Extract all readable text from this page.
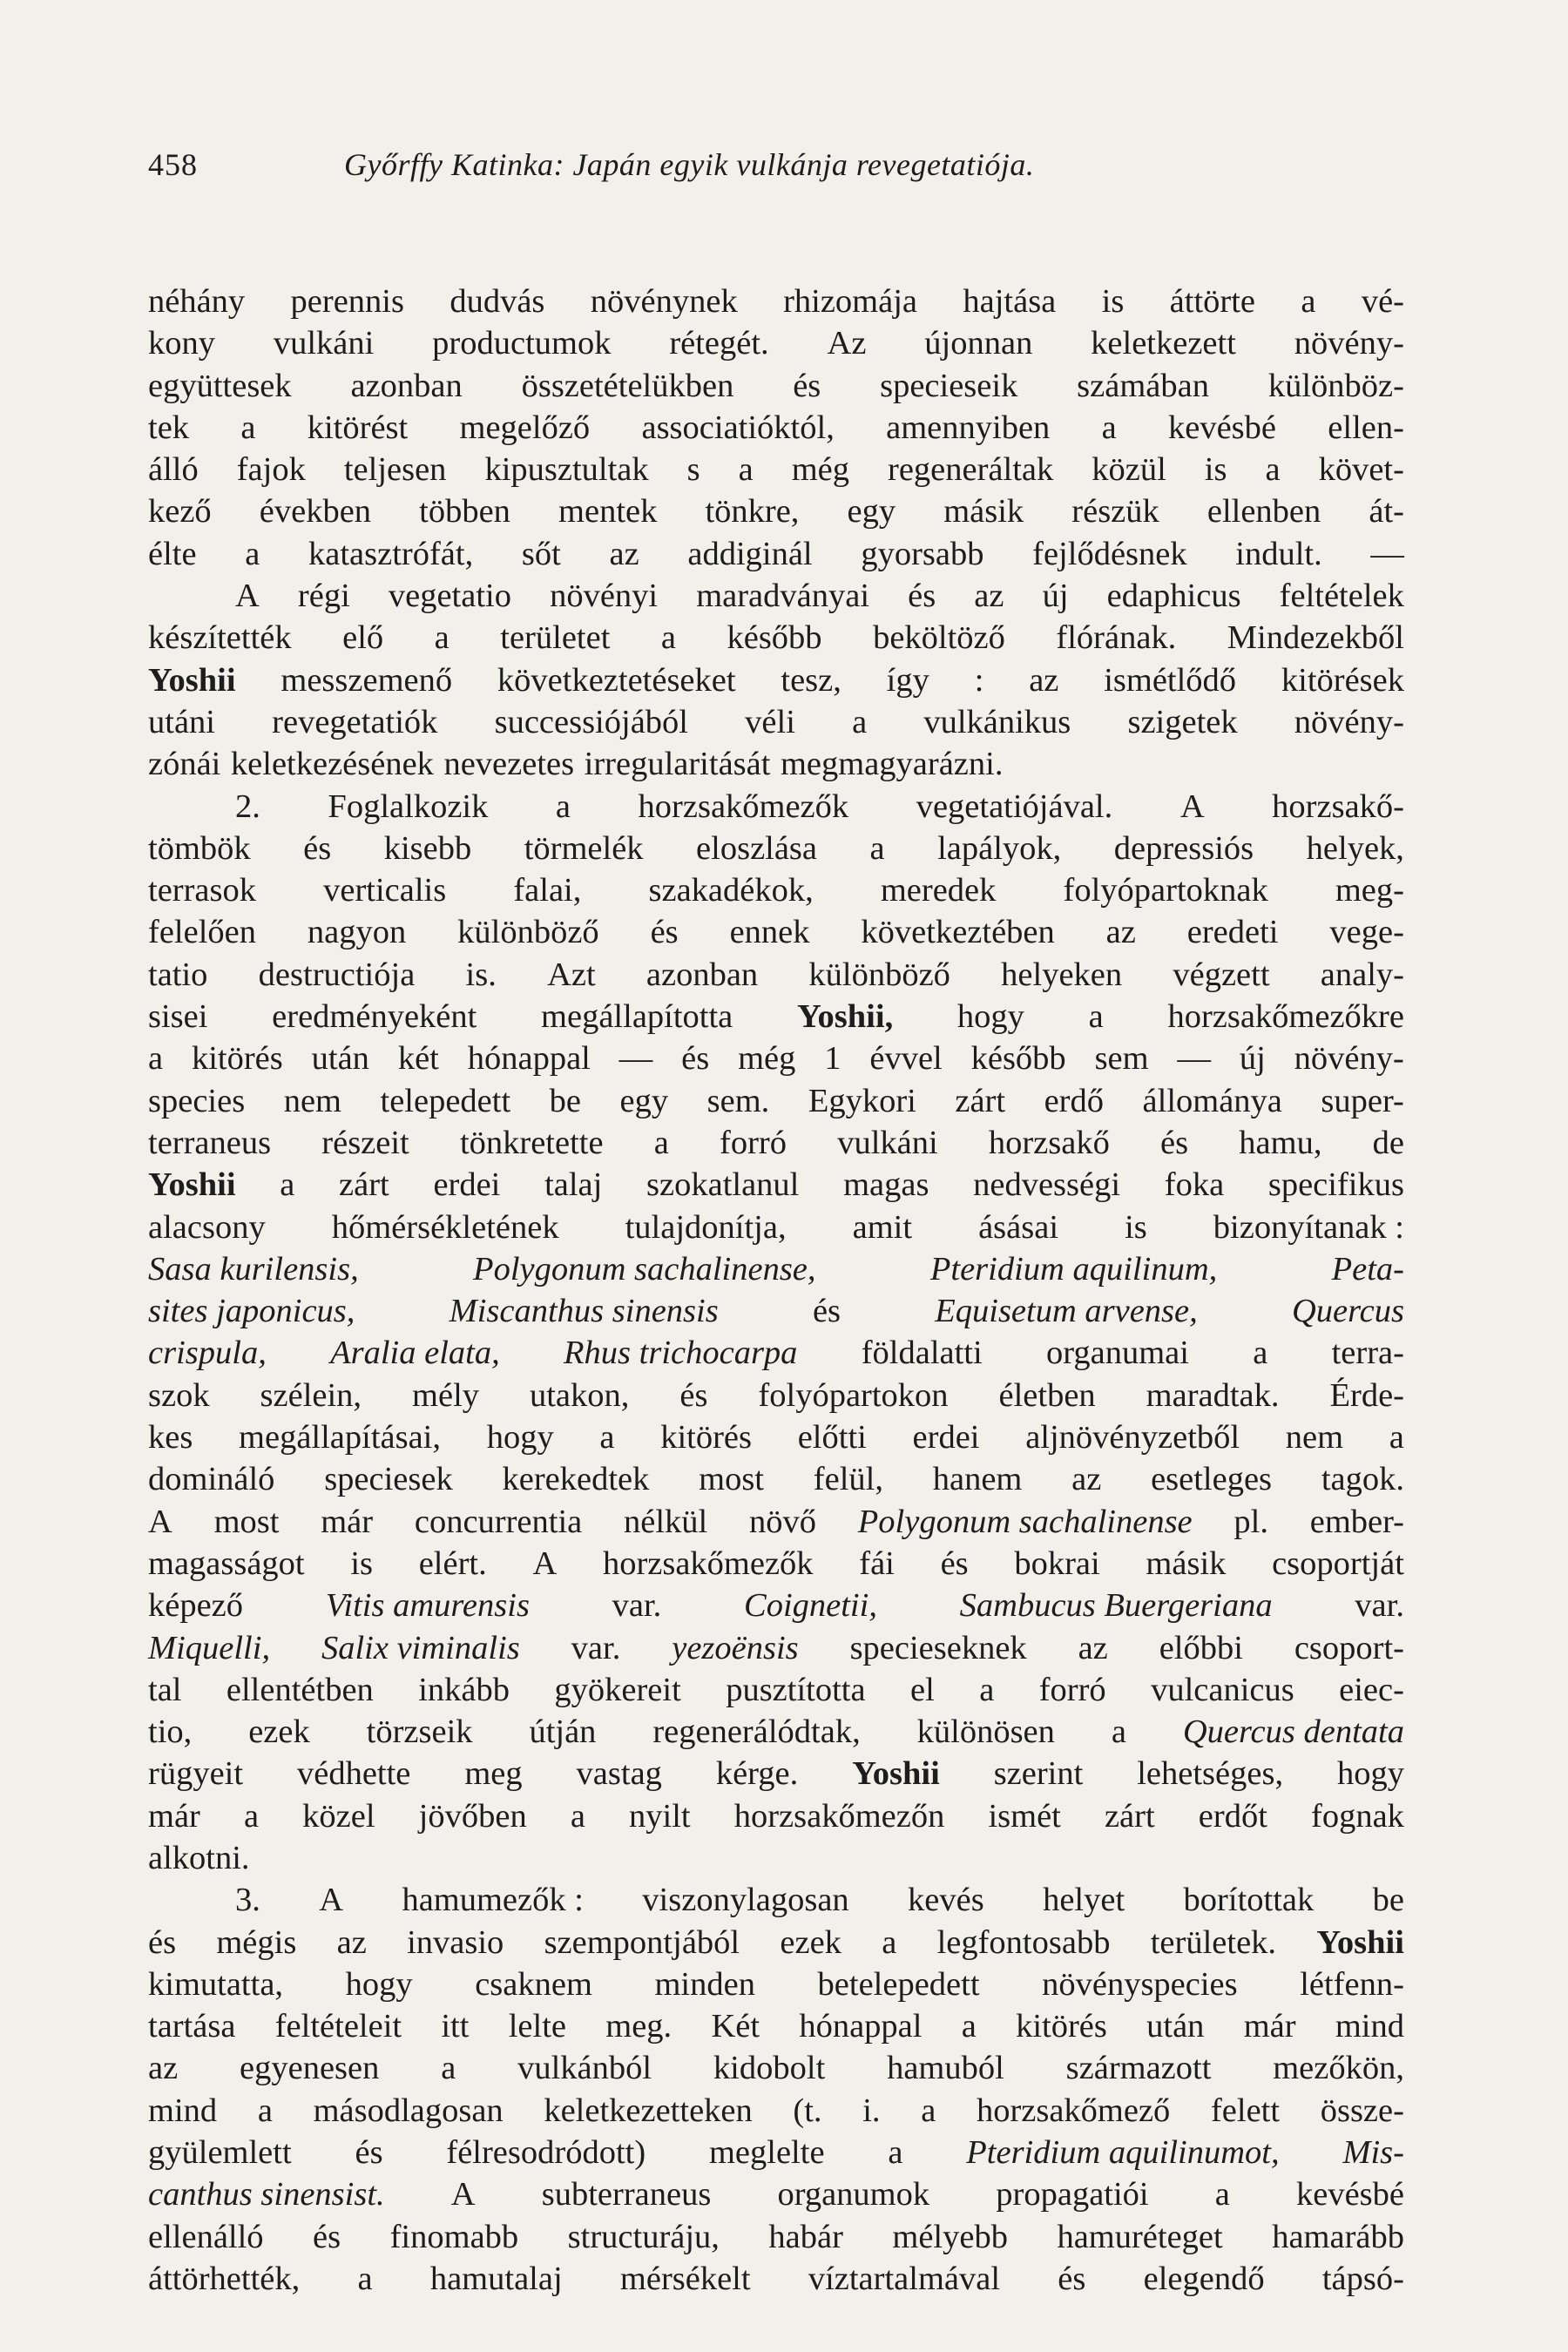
458	Győrffy Katinka: Japán egyik vulkánja revegetatiója.
néhány perennis dudvás növénynek rhizomája hajtása is áttörte a vé-
kony vulkáni productumok rétegét. Az újonnan keletkezett növény-
együttesek azonban összetételükben és specieseik számában különböz-
tek a kitörést megelőző associatióktól, amennyiben a kevésbé ellen-
álló fajok teljesen kipusztultak s a még regeneráltak közül is a követ-
kező években többen mentek tönkre, egy másik részük ellenben át-
élte a katasztrófát, sőt az addiginál gyorsabb fejlődésnek indult. —
A régi vegetatio növényi maradványai és az új edaphicus feltételek
készítették elő a területet a később beköltöző flórának. Mindezekből
Yoshii messzemenő következtetéseket tesz, így : az ismétlődő kitörések
utáni revegetatiók successiójából véli a vulkánikus szigetek növény-
zónái keletkezésének nevezetes irregularitását megmagyarázni.
2. Foglalkozik a horzsakőmezők vegetatiójával. A horzsakő-
tömbök és kisebb törmelék eloszlása a lapályok, depressiós helyek,
terrasok verticalis falai, szakadékok, meredek folyópartoknak meg-
felelően nagyon különböző és ennek következtében az eredeti vege-
tatio destructiója is. Azt azonban különböző helyeken végzett analy-
sisei eredményeként megállapította Yoshii, hogy a horzsakőmezőkre
a kitörés után két hónappal — és még 1 évvel később sem — új növény-
species nem telepedett be egy sem. Egykori zárt erdő állománya super-
terraneus részeit tönkretette a forró vulkáni horzsakő és hamu, de
Yoshii a zárt erdei talaj szokatlanul magas nedvességi foka specifikus
alacsony hőmérsékletének tulajdonítja, amit ásásai is bizonyítanak :
Sasa kurilensis,	Polygonum sachalinense,	Pteridium aquilinum,	Peta-
sites japonicus,	Miscanthus sinensis	és	Equisetum arvense,	Quercus
crispula, Aralia elata, Rhus trichocarpa földalatti organumai a terra-
szok szélein, mély utakon, és folyópartokon életben maradtak. Érde-
kes megállapításai, hogy a kitörés előtti erdei aljnövényzetből nem a
domináló speciesek kerekedtek most felül, hanem az esetleges tagok.
A most már concurrentia nélkül növő Polygonum sachalinense pl. ember-
magasságot is elért. A horzsakőmezők fái és bokrai másik csoportját
képező Vitis amurensis var. Coignetii, Sambucus Buergeriana var.
Miquelli, Salix viminalis var. yezoënsis specieseknek az előbbi csoport-
tal ellentétben inkább gyökereit pusztította el a forró vulcanicus eiec-
tio, ezek törzseik útján regenerálódtak, különösen a Quercus dentata
rügyeit védhette meg vastag kérge. Yoshii szerint lehetséges, hogy
már a közel jövőben a nyilt horzsakőmezőn ismét zárt erdőt fognak
alkotni.
3. A hamumezők : viszonylagosan kevés helyet borítottak be
és mégis az invasio szempontjából ezek a legfontosabb területek. Yoshii
kimutatta, hogy csaknem minden betelepedett növényspecies létfenn-
tartása feltételeit itt lelte meg. Két hónappal a kitörés után már mind
az egyenesen a vulkánból kidobolt hamuból származott mezőkön,
mind a másodlagosan keletkezetteken (t. i. a horzsakőmező felett össze-
gyülemlett és félresodródott) meglelte a Pteridium aquilinumot, Mis-
canthus sinensist. A subterraneus organumok propagatiói a kevésbé
ellenálló és finomabb structuráju, habár mélyebb hamuréteget hamarább
áttörhették, a hamutalaj mérsékelt víztartalmával és elegendő tápsó-
